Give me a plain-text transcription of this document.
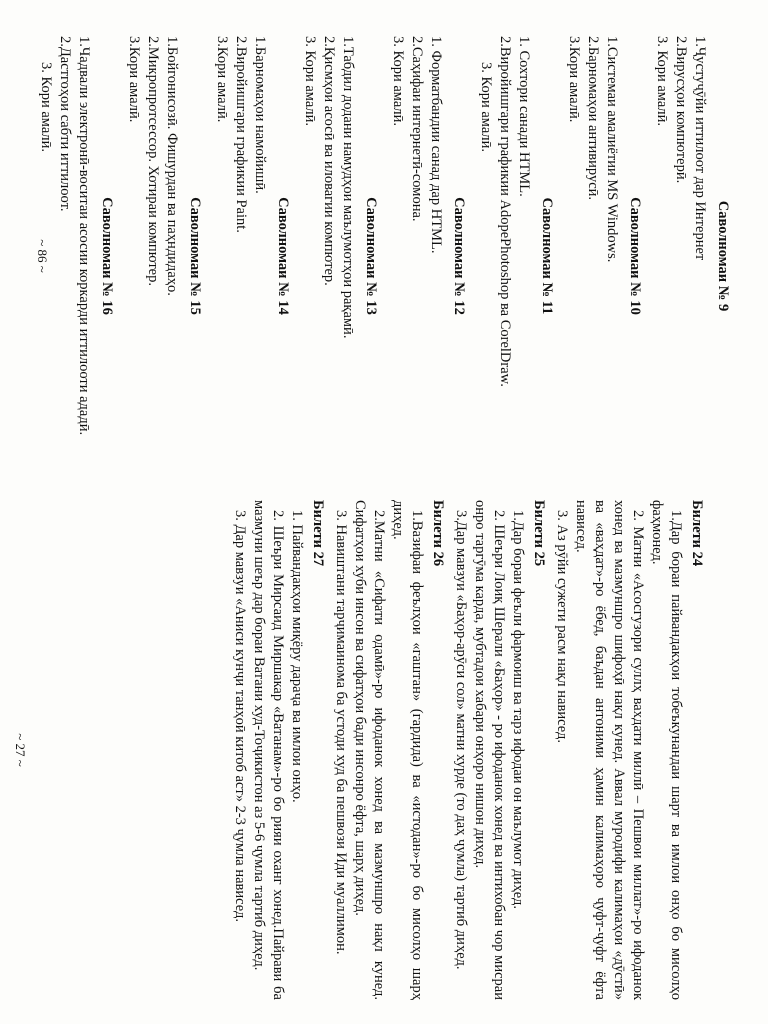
Саволномаи № 9
1.Ҷустуҷӯйи иттилоот дар Интернет
2.Вирусҳои компютерӣ.
3. Кори амалӣ.
Саволномаи № 10
1.Системаи амалиётии MS Windows.
2.Барномаҳои антивирусӣ.
3.Кори амалӣ.
Саволномаи № 11
1. Сохтори санади HTML.
2.Виройишгари графикии AdopePhotoshop ва CorelDraw.
3. Кори амалӣ.
Саволномаи № 12
1. Форматбандии санад дар HTML.
2.Саҳифаи интернетӣ-сомона.
3. Кори амалӣ.
Саволномаи № 13
1.Табдил додани намудҳои маълумотҳои рақамӣ.
2.Қисмҳои асосӣ ва иловагии компютер.
3. Кори амалӣ.
Саволномаи № 14
1.Барномаҳои намойишӣ.
2.Виройишгари графикии Paint.
3.Кори амалӣ.
Саволномаи № 15
1.Бойгонисозӣ. Фишурдан ва паҳндидаҳо.
2.Микропротсессор. Хотираи компютер.
3.Кори амалӣ.
Саволномаи № 16
1.Чадвали электронӣ-воситаи асосии коркарди иттилооти ададӣ.
2.Дастгоҳои сабти иттилоот.
3. Кори амалӣ.
~ 86 ~
Билети 24
1.Дар бораи пайвандакҳои тобеъкунандаи шарт ва имлои онҳо бо мисолҳо фаҳмонед.
2. Матни «Асосгузори суллҳ вахдати миллӣ – Пешвои миллат»-ро ифоданок хонед ва мазмуншро шифоҳӣ нақл кунед. Аввал муродифи калимаҳои «дӯстӣ» ва «ваҳдат»-ро ёбед, баъдан антоними ҳамин калимаҳоро ҷуфт-ҷуфт ёфта нависед.
3. Аз рӯйи сужети расм нақл нависед.
Билети 25
1.Дар бораи феъли фармоиш ва тарз ифодаи он маълумот диҳед.
2. Шеъри Лоиқ Шерали «Баҳор» - ро ифоданок хонед ва интихобан чор мисраи онро таргӯма карда, мубтадои хабари онҳоро нишон диҳед.
3.Дар мавзуи «Баҳор-арӯси сол» матни хурде (то даҳ ҷумла) тартиб диҳед.
Билети 26
1.Вазифаи феълҳои «гаштан» (гардида) ва «истодан»-ро бо мисолҳо шарҳ диҳед.
2.Матни «Сифати одамӣ»-ро ифоданок хонед ва мазмуншро нақл кунед. Сифатҳои хуби инсон ва сифатҳои бади инсонро ёфта, шарҳ диҳед.
3. Навиштани тарҷимаинома ба устоди худ ба пешвози Иди муаллимон.
Билети 27
1. Пайвандакҳои миқёру дараҷа ва имлои онҳо.
2. Шеъри Мирсаид Миршакар «Ватанам»-ро бо рияи оханг хонед.Пайрави ба мазмуни шеър дар бораи Ватани худ-Тоҷикистон аз 5-6 ҷумла тартиб диҳед.
3. Дар мавзуи «Аниси кунҷи танҳоӣ китоб аст» 2-3 ҷумла нависед.
~ 27 ~
